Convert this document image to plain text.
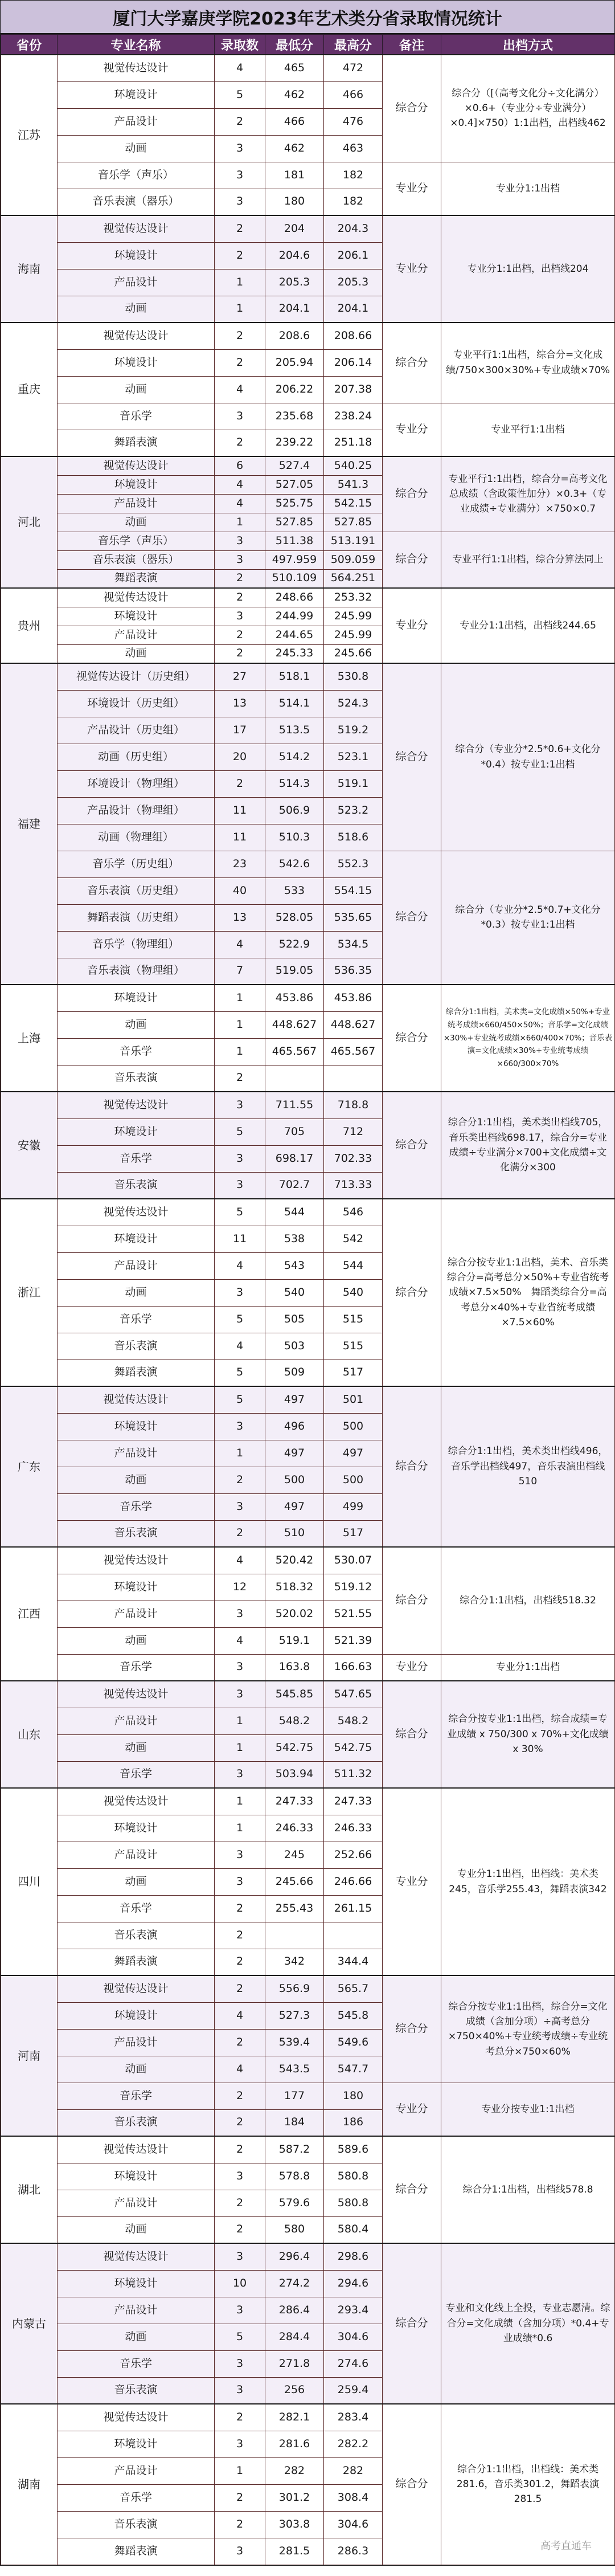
厦门大学嘉庚学院2023年艺术类分省录取情况统计
省份	专业名称	录取数	最低分	最高分	备注	出档方式
江苏	视觉传达设计	4	465	472	综合分	综合分（[（高考文化分÷文化满分）×0.6+（专业分÷专业满分）×0.4]×750）1:1出档，出档线462
	环境设计	5	462	466		
	产品设计	2	466	476		
	动画	3	462	463		
	音乐学（声乐）	3	181	182	专业分	专业分1:1出档
	音乐表演（器乐）	3	180	182		
海南	视觉传达设计	2	204	204.3	专业分	专业分1:1出档，出档线204
	环境设计	2	204.6	206.1		
	产品设计	1	205.3	205.3		
	动画	1	204.1	204.1		
重庆	视觉传达设计	2	208.6	208.66	综合分	专业平行1:1出档，综合分=文化成绩/750×300×30%+专业成绩×70%
	环境设计	2	205.94	206.14		
	动画	4	206.22	207.38		
	音乐学	3	235.68	238.24	专业分	专业平行1:1出档
	舞蹈表演	2	239.22	251.18		
河北	视觉传达设计	6	527.4	540.25	综合分	专业平行1:1出档，综合分=高考文化总成绩（含政策性加分）×0.3+（专业成绩÷专业满分）×750×0.7
	环境设计	4	527.05	541.3		
	产品设计	4	525.75	542.15		
	动画	1	527.85	527.85		
	音乐学（声乐）	3	511.38	513.191	综合分	专业平行1:1出档，综合分算法同上
	音乐表演（器乐）	3	497.959	509.059		
	舞蹈表演	2	510.109	564.251		
贵州	视觉传达设计	2	248.66	253.32	专业分	专业分1:1出档，出档线244.65
	环境设计	3	244.99	245.99		
	产品设计	2	244.65	245.99		
	动画	2	245.33	245.66		
福建	视觉传达设计（历史组）	27	518.1	530.8	综合分	综合分（专业分*2.5*0.6+文化分*0.4）按专业1:1出档
	环境设计（历史组）	13	514.1	524.3		
	产品设计（历史组）	17	513.5	519.2		
	动画（历史组）	20	514.2	523.1		
	环境设计（物理组）	2	514.3	519.1		
	产品设计（物理组）	11	506.9	523.2		
	动画（物理组）	11	510.3	518.6		
	音乐学（历史组）	23	542.6	552.3	综合分	综合分（专业分*2.5*0.7+文化分*0.3）按专业1:1出档
	音乐表演（历史组）	40	533	554.15		
	舞蹈表演（历史组）	13	528.05	535.65		
	音乐学（物理组）	4	522.9	534.5		
	音乐表演（物理组）	7	519.05	536.35		
上海	环境设计	1	453.86	453.86	综合分	综合分1:1出档，美术类=文化成绩×50%+专业统考成绩×660/450×50%；音乐学=文化成绩×30%+专业统考成绩×660/400×70%；音乐表演=文化成绩×30%+专业统考成绩×660/300×70%
	动画	1	448.627	448.627		
	音乐学	1	465.567	465.567		
	音乐表演	2				
安徽	视觉传达设计	3	711.55	718.8	综合分	综合分1:1出档，美术类出档线705，音乐类出档线698.17，综合分=专业成绩÷专业满分×700+文化成绩÷文化满分×300
	环境设计	5	705	712		
	音乐学	3	698.17	702.33		
	音乐表演	3	702.7	713.33		
浙江	视觉传达设计	5	544	546	综合分	综合分按专业1:1出档，美术、音乐类综合分=高考总分×50%+专业省统考成绩×7.5×50%　舞蹈类综合分=高考总分×40%+专业省统考成绩×7.5×60%
	环境设计	11	538	542		
	产品设计	4	543	544		
	动画	3	540	540		
	音乐学	5	505	515		
	音乐表演	4	503	515		
	舞蹈表演	5	509	517		
广东	视觉传达设计	5	497	501	综合分	综合分1:1出档，美术类出档线496，音乐学出档线497，音乐表演出档线510
	环境设计	3	496	500		
	产品设计	1	497	497		
	动画	2	500	500		
	音乐学	3	497	499		
	音乐表演	2	510	517		
江西	视觉传达设计	4	520.42	530.07	综合分	综合分1:1出档，出档线518.32
	环境设计	12	518.32	519.12		
	产品设计	3	520.02	521.55		
	动画	4	519.1	521.39		
	音乐学	3	163.8	166.63	专业分	专业分1:1出档
山东	视觉传达设计	3	545.85	547.65	综合分	综合分按专业1:1出档，综合成绩=专业成绩 x 750/300 x 70%+文化成绩 x 30%
	产品设计	1	548.2	548.2		
	动画	1	542.75	542.75		
	音乐学	3	503.94	511.32		
四川	视觉传达设计	1	247.33	247.33	专业分	专业分1:1出档，出档线：美术类245，音乐学255.43，舞蹈表演342
	环境设计	1	246.33	246.33		
	产品设计	3	245	252.66		
	动画	3	245.66	246.66		
	音乐学	2	255.43	261.15		
	音乐表演	2				
	舞蹈表演	2	342	344.4		
河南	视觉传达设计	2	556.9	565.7	综合分	综合分按专业1:1出档，综合分=文化成绩（含加分项）÷高考总分×750×40%+专业统考成绩÷专业统考总分×750×60%
	环境设计	4	527.3	545.8		
	产品设计	2	539.4	549.6		
	动画	4	543.5	547.7		
	音乐学	2	177	180	专业分	专业分按专业1:1出档
	音乐表演	2	184	186		
湖北	视觉传达设计	2	587.2	589.6	综合分	综合分1:1出档，出档线578.8
	环境设计	3	578.8	580.8		
	产品设计	2	579.6	580.8		
	动画	2	580	580.4		
内蒙古	视觉传达设计	3	296.4	298.6	综合分	专业和文化线上全投，专业志愿清。综合分=文化成绩（含加分项）*0.4+专业成绩*0.6
	环境设计	10	274.2	294.6		
	产品设计	3	286.4	293.4		
	动画	5	284.4	304.6		
	音乐学	3	271.8	274.6		
	音乐表演	3	256	259.4		
湖南	视觉传达设计	2	282.1	283.4	综合分	综合分1:1出档，出档线：美术类281.6，音乐类301.2，舞蹈表演281.5
	环境设计	3	281.6	282.2		
	产品设计	1	282	282		
	音乐学	2	301.2	308.4		
	音乐表演	2	303.8	304.6		
	舞蹈表演	3	281.5	286.3			高考直通车
